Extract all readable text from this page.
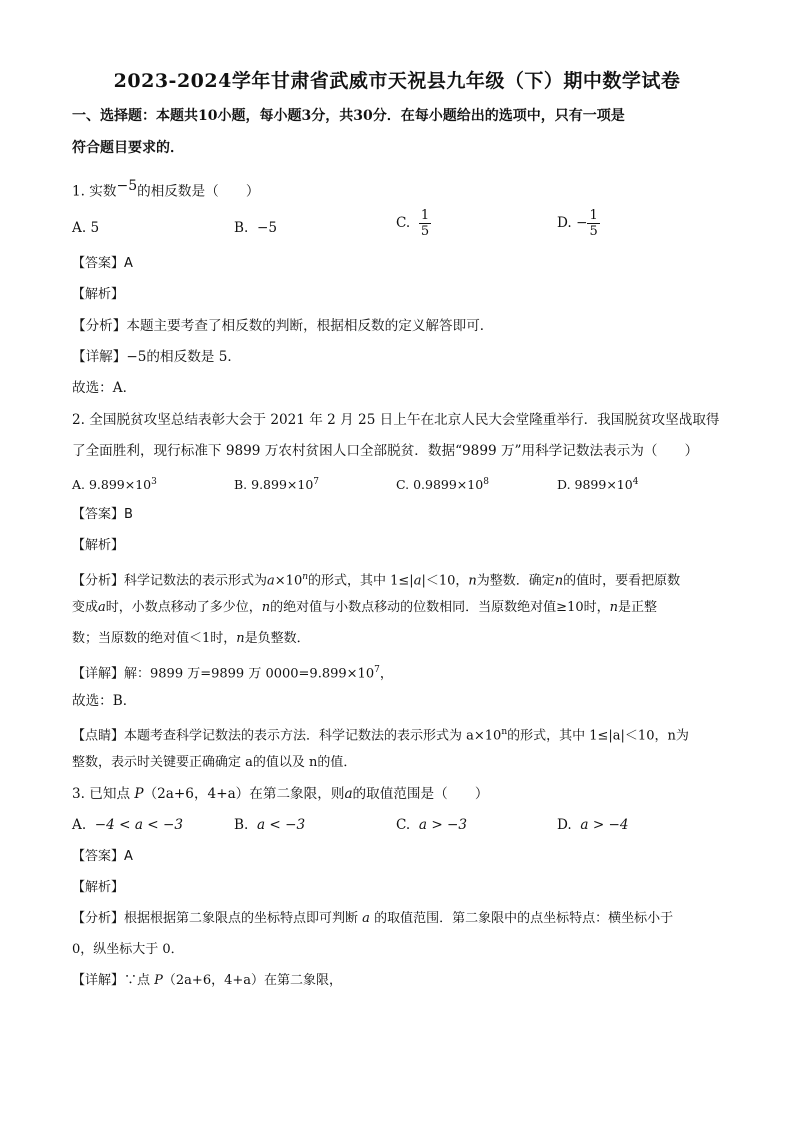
2023-2024学年甘肃省武威市天祝县九年级（下）期中数学试卷
一、选择题：本题共10小题，每小题3分，共30分．在每小题给出的选项中，只有一项是
符合题目要求的．
1. 实数$^{-5}$的相反数是（　　）
A. 5	B. −5	C. $\frac{1}{5}$	D. − $\frac{1}{5}$
【答案】A
【解析】
【分析】本题主要考查了相反数的判断，根据相反数的定义解答即可．
【详解】−5的相反数是 5．
故选：A．
2. 全国脱贫攻坚总结表彰大会于 2021 年 2 月 25 日上午在北京人民大会堂隆重举行．我国脱贫攻坚战取得
了全面胜利，现行标准下 9899 万农村贫困人口全部脱贫．数据“9899 万”用科学记数法表示为（　　）
A. $9.899\times 10^3$	B. $9.899\times 10^7$	C. $0.9899\times 10^8$	D. $9899\times 10^4$
【答案】B
【解析】
【分析】科学记数法的表示形式为$a\times 10^n$的形式，其中 1≤|a|＜10，n为整数．确定n的值时，要看把原数
变成a时，小数点移动了多少位，n的绝对值与小数点移动的位数相同．当原数绝对值≥10时，n是正整
数；当原数的绝对值＜1时，n是负整数．
【详解】解：9899 万=9899 万 $0000=9.899\times 10^7$，
故选：B．
【点睛】本题考查科学记数法的表示方法．科学记数法的表示形式为 $a\times 10^n$的形式，其中 1≤|a|＜10，n为
整数，表示时关键要正确确定 a的值以及 n的值．
3. 已知点 P（2a+6，4+a）在第二象限，则a的取值范围是（　　）
A. −4 < a < −3	B. a < −3	C. a > −3	D. a > −4
【答案】A
【解析】
【分析】根据根据第二象限点的坐标特点即可判断 a 的取值范围．第二象限中的点坐标特点：横坐标小于
0，纵坐标大于 0．
【详解】∵点 P（2a+6，4+a）在第二象限，
